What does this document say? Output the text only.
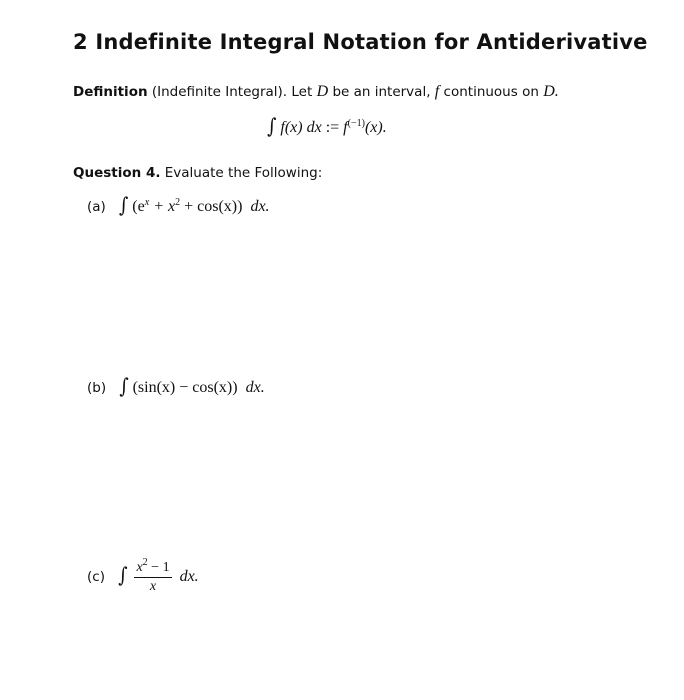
2 Indefinite Integral Notation for Antiderivative
Definition (Indefinite Integral). Let D be an interval, f continuous on D.
∫ f(x) dx := $f^{(-1)}(x)$.
Question 4. Evaluate the Following:
(a) ∫ $(e^x + x^2 + \cos(x))$ dx.
(b) ∫ (sin(x) − cos(x)) dx.
(c) ∫ $\frac{x^2 - 1}{x}$ dx.
